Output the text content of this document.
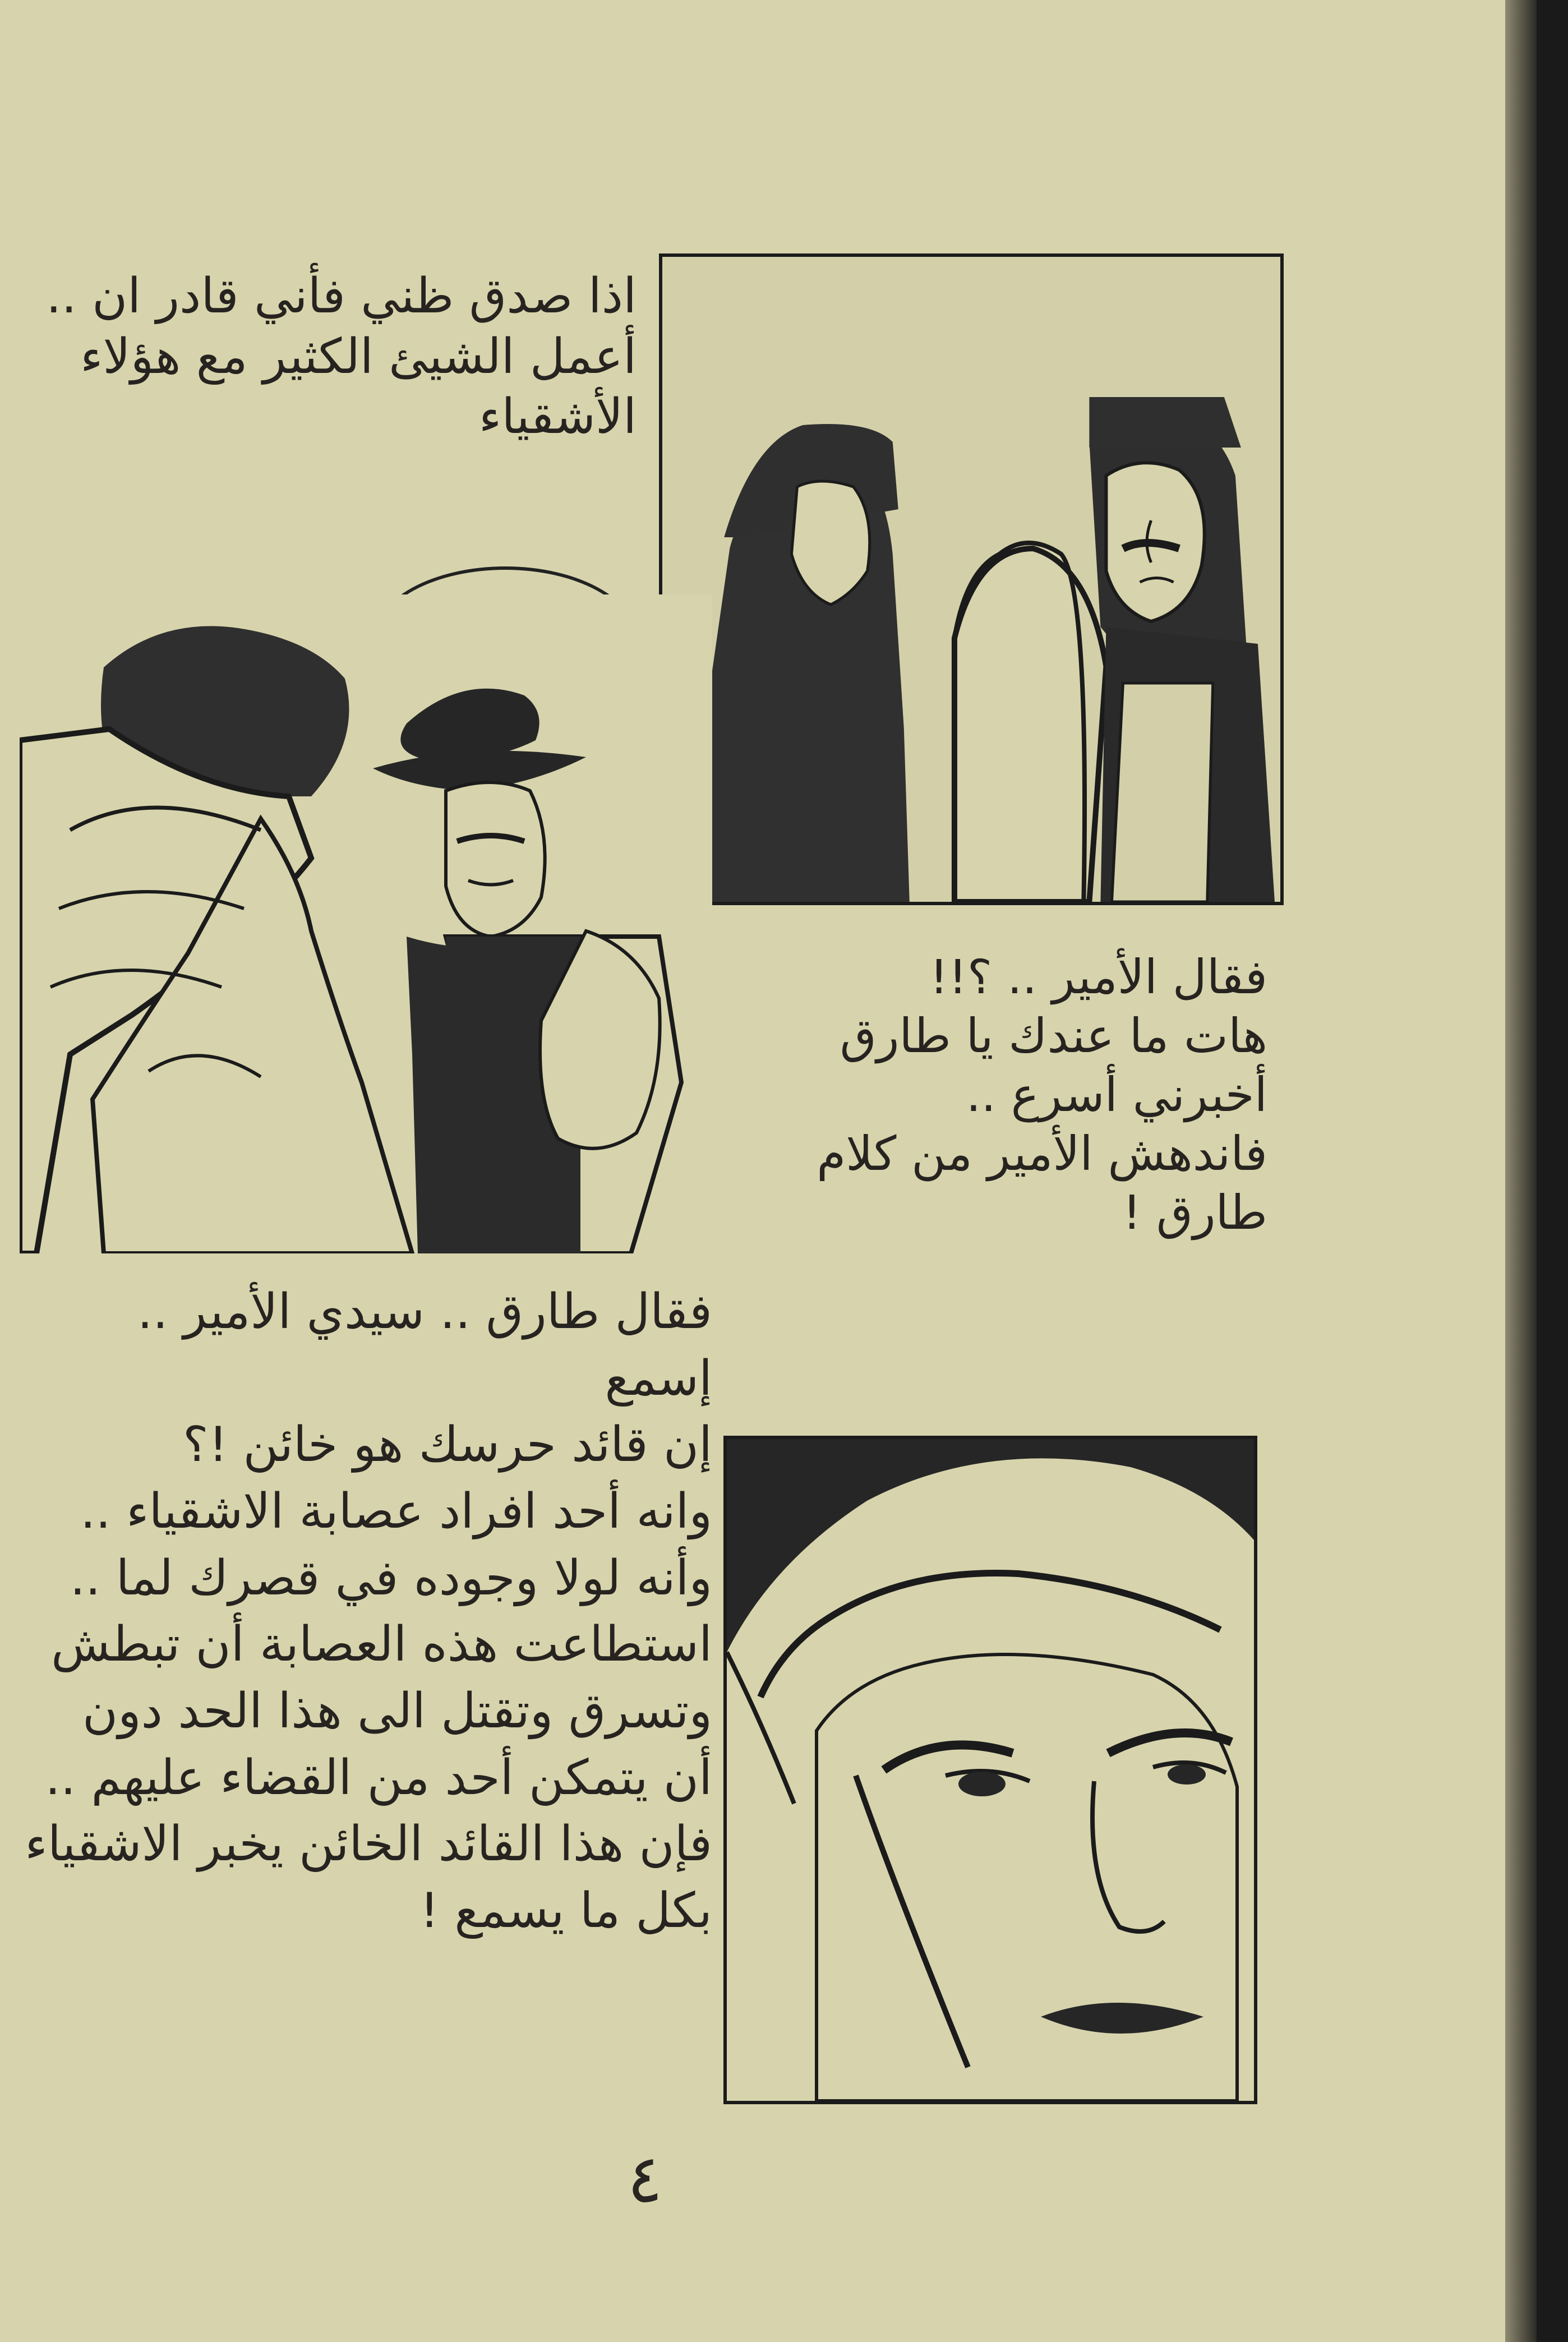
اذا صدق ظني فأني قادر ان ..
أعمل الشيئ الكثير مع هؤلاء
الأشقياء
فقال الأمير .. ؟!!
هات ما عندك يا طارق
أخبرني أسرع ..
فاندهش الأمير من كلام
طارق !
فقال طارق .. سيدي الأمير .. إسمع
إن قائد حرسك هو خائن !؟
وانه أحد افراد عصابة الاشقياء ..
وأنه لولا وجوده في قصرك لما ..
استطاعت هذه العصابة أن تبطش
وتسرق وتقتل الى هذا الحد دون
أن يتمكن أحد من القضاء عليهم ..
فإن هذا القائد الخائن يخبر الاشقياء
بكل ما يسمع !
٤
